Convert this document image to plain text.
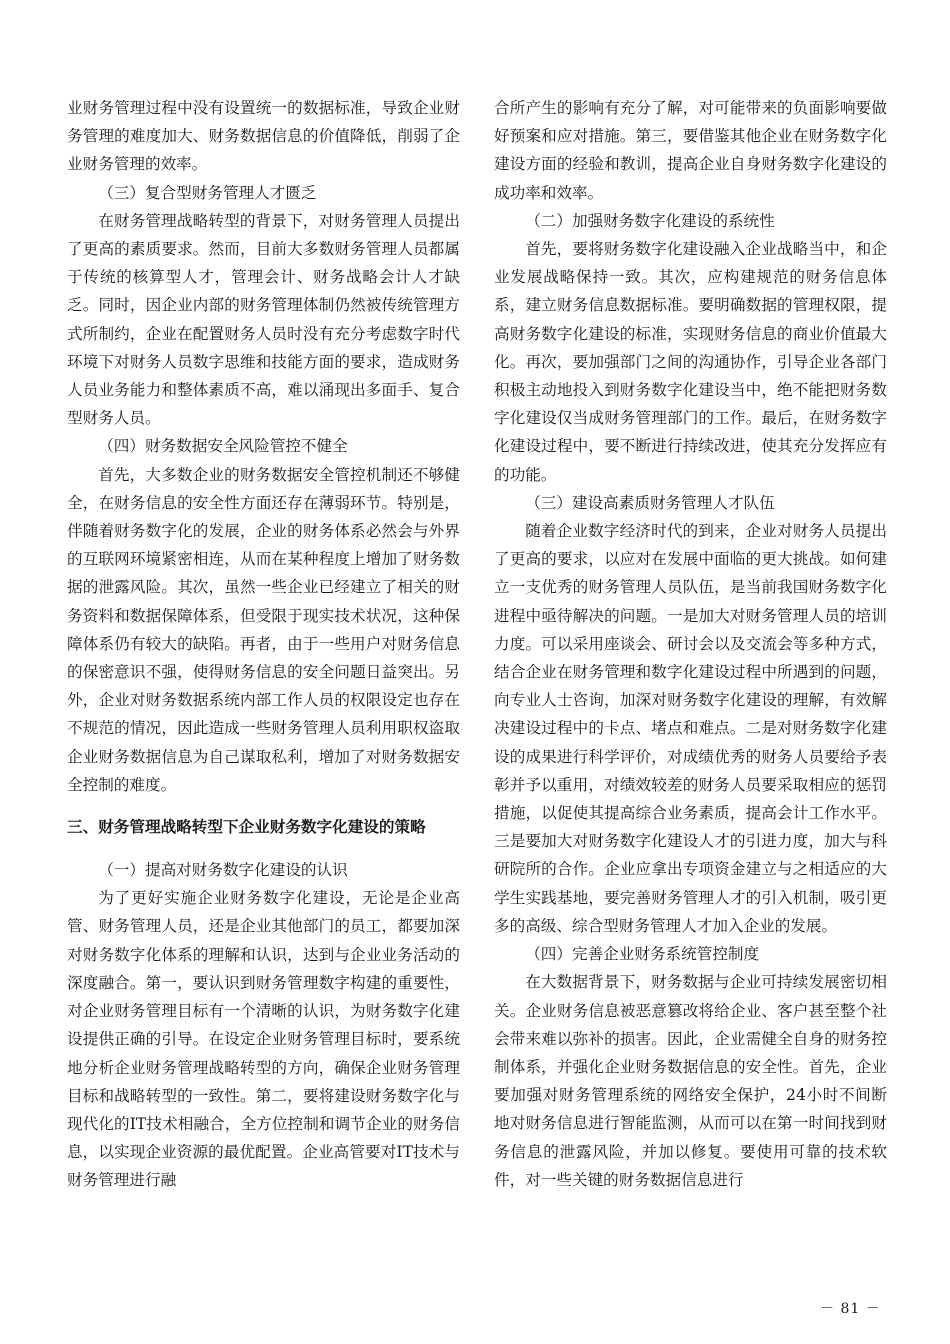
业财务管理过程中没有设置统一的数据标准，导致企业财务管理的难度加大、财务数据信息的价值降低，削弱了企业财务管理的效率。

（三）复合型财务管理人才匮乏

在财务管理战略转型的背景下，对财务管理人员提出了更高的素质要求。然而，目前大多数财务管理人员都属于传统的核算型人才，管理会计、财务战略会计人才缺乏。同时，因企业内部的财务管理体制仍然被传统管理方式所制约，企业在配置财务人员时没有充分考虑数字时代环境下对财务人员数字思维和技能方面的要求，造成财务人员业务能力和整体素质不高，难以涌现出多面手、复合型财务人员。

（四）财务数据安全风险管控不健全

首先，大多数企业的财务数据安全管控机制还不够健全，在财务信息的安全性方面还存在薄弱环节。特别是，伴随着财务数字化的发展，企业的财务体系必然会与外界的互联网环境紧密相连，从而在某种程度上增加了财务数据的泄露风险。其次，虽然一些企业已经建立了相关的财务资料和数据保障体系，但受限于现实技术状况，这种保障体系仍有较大的缺陷。再者，由于一些用户对财务信息的保密意识不强，使得财务信息的安全问题日益突出。另外，企业对财务数据系统内部工作人员的权限设定也存在不规范的情况，因此造成一些财务管理人员利用职权盗取企业财务数据信息为自己谋取私利，增加了对财务数据安全控制的难度。

三、财务管理战略转型下企业财务数字化建设的策略
（一）提高对财务数字化建设的认识

为了更好实施企业财务数字化建设，无论是企业高管、财务管理人员，还是企业其他部门的员工，都要加深对财务数字化体系的理解和认识，达到与企业业务活动的深度融合。第一，要认识到财务管理数字构建的重要性，对企业财务管理目标有一个清晰的认识，为财务数字化建设提供正确的引导。在设定企业财务管理目标时，要系统地分析企业财务管理战略转型的方向，确保企业财务管理目标和战略转型的一致性。第二，要将建设财务数字化与现代化的IT技术相融合，全方位控制和调节企业的财务信息，以实现企业资源的最优配置。企业高管要对IT技术与财务管理进行融

合所产生的影响有充分了解，对可能带来的负面影响要做好预案和应对措施。第三，要借鉴其他企业在财务数字化建设方面的经验和教训，提高企业自身财务数字化建设的成功率和效率。

（二）加强财务数字化建设的系统性

首先，要将财务数字化建设融入企业战略当中，和企业发展战略保持一致。其次，应构建规范的财务信息体系，建立财务信息数据标准。要明确数据的管理权限，提高财务数字化建设的标准，实现财务信息的商业价值最大化。再次，要加强部门之间的沟通协作，引导企业各部门积极主动地投入到财务数字化建设当中，绝不能把财务数字化建设仅当成财务管理部门的工作。最后，在财务数字化建设过程中，要不断进行持续改进，使其充分发挥应有的功能。

（三）建设高素质财务管理人才队伍

随着企业数字经济时代的到来，企业对财务人员提出了更高的要求，以应对在发展中面临的更大挑战。如何建立一支优秀的财务管理人员队伍，是当前我国财务数字化进程中亟待解决的问题。一是加大对财务管理人员的培训力度。可以采用座谈会、研讨会以及交流会等多种方式，结合企业在财务管理和数字化建设过程中所遇到的问题，向专业人士咨询，加深对财务数字化建设的理解，有效解决建设过程中的卡点、堵点和难点。二是对财务数字化建设的成果进行科学评价，对成绩优秀的财务人员要给予表彰并予以重用，对绩效较差的财务人员要采取相应的惩罚措施，以促使其提高综合业务素质，提高会计工作水平。三是要加大对财务数字化建设人才的引进力度，加大与科研院所的合作。企业应拿出专项资金建立与之相适应的大学生实践基地，要完善财务管理人才的引入机制，吸引更多的高级、综合型财务管理人才加入企业的发展。

（四）完善企业财务系统管控制度

在大数据背景下，财务数据与企业可持续发展密切相关。企业财务信息被恶意篡改将给企业、客户甚至整个社会带来难以弥补的损害。因此，企业需健全自身的财务控制体系，并强化企业财务数据信息的安全性。首先，企业要加强对财务管理系统的网络安全保护，24小时不间断地对财务信息进行智能监测，从而可以在第一时间找到财务信息的泄露风险，并加以修复。要使用可靠的技术软件，对一些关键的财务数据信息进行

－ 81 －
